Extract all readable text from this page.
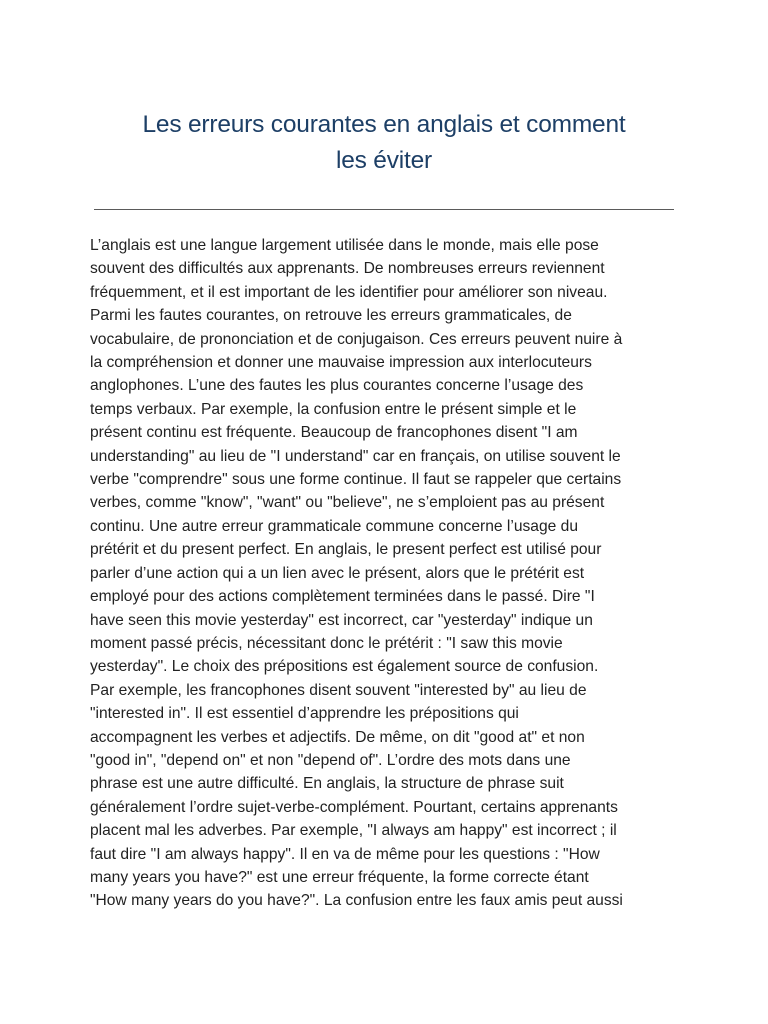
Les erreurs courantes en anglais et comment
les éviter

L’anglais est une langue largement utilisée dans le monde, mais elle pose
souvent des difficultés aux apprenants. De nombreuses erreurs reviennent
fréquemment, et il est important de les identifier pour améliorer son niveau.
Parmi les fautes courantes, on retrouve les erreurs grammaticales, de
vocabulaire, de prononciation et de conjugaison. Ces erreurs peuvent nuire à
la compréhension et donner une mauvaise impression aux interlocuteurs
anglophones. L’une des fautes les plus courantes concerne l’usage des
temps verbaux. Par exemple, la confusion entre le présent simple et le
présent continu est fréquente. Beaucoup de francophones disent "I am
understanding" au lieu de "I understand" car en français, on utilise souvent le
verbe "comprendre" sous une forme continue. Il faut se rappeler que certains
verbes, comme "know", "want" ou "believe", ne s’emploient pas au présent
continu. Une autre erreur grammaticale commune concerne l’usage du
prétérit et du present perfect. En anglais, le present perfect est utilisé pour
parler d’une action qui a un lien avec le présent, alors que le prétérit est
employé pour des actions complètement terminées dans le passé. Dire "I
have seen this movie yesterday" est incorrect, car "yesterday" indique un
moment passé précis, nécessitant donc le prétérit : "I saw this movie
yesterday". Le choix des prépositions est également source de confusion.
Par exemple, les francophones disent souvent "interested by" au lieu de
"interested in". Il est essentiel d’apprendre les prépositions qui
accompagnent les verbes et adjectifs. De même, on dit "good at" et non
"good in", "depend on" et non "depend of". L’ordre des mots dans une
phrase est une autre difficulté. En anglais, la structure de phrase suit
généralement l’ordre sujet-verbe-complément. Pourtant, certains apprenants
placent mal les adverbes. Par exemple, "I always am happy" est incorrect ; il
faut dire "I am always happy". Il en va de même pour les questions : "How
many years you have?" est une erreur fréquente, la forme correcte étant
"How many years do you have?". La confusion entre les faux amis peut aussi
